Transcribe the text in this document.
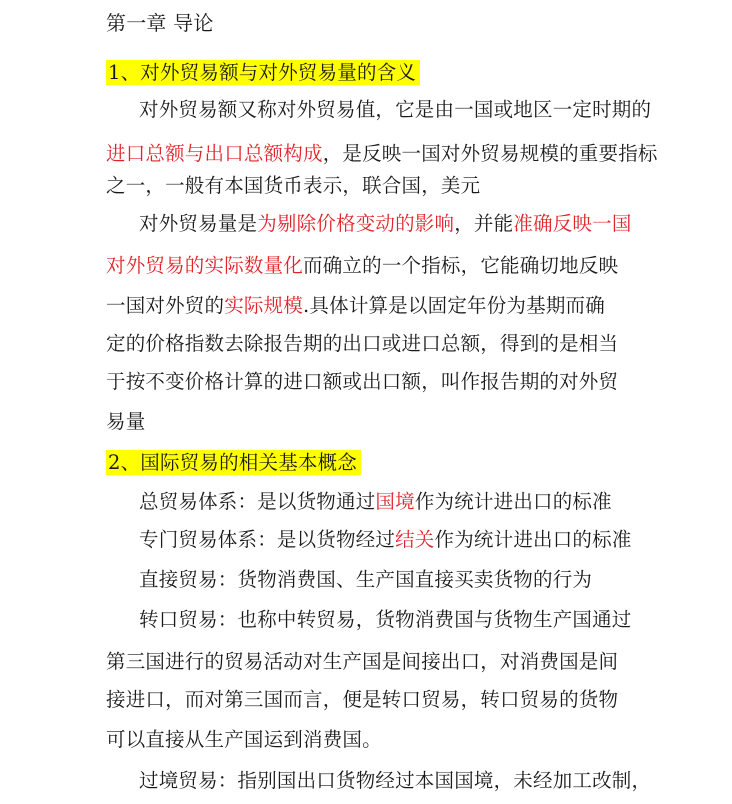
第一章 导论
1、对外贸易额与对外贸易量的含义
对外贸易额又称对外贸易值，它是由一国或地区一定时期的
进口总额与出口总额构成，是反映一国对外贸易规模的重要指标
之一，一般有本国货币表示，联合国，美元
对外贸易量是为剔除价格变动的影响，并能准确反映一国
对外贸易的实际数量化而确立的一个指标，它能确切地反映
一国对外贸的实际规模.具体计算是以固定年份为基期而确
定的价格指数去除报告期的出口或进口总额，得到的是相当
于按不变价格计算的进口额或出口额，叫作报告期的对外贸
易量
2、国际贸易的相关基本概念
总贸易体系：是以货物通过国境作为统计进出口的标准
专门贸易体系：是以货物经过结关作为统计进出口的标准
直接贸易：货物消费国、生产国直接买卖货物的行为
转口贸易：也称中转贸易，货物消费国与货物生产国通过
第三国进行的贸易活动对生产国是间接出口，对消费国是间
接进口，而对第三国而言，便是转口贸易，转口贸易的货物
可以直接从生产国运到消费国。
过境贸易：指别国出口货物经过本国国境，未经加工改制，
